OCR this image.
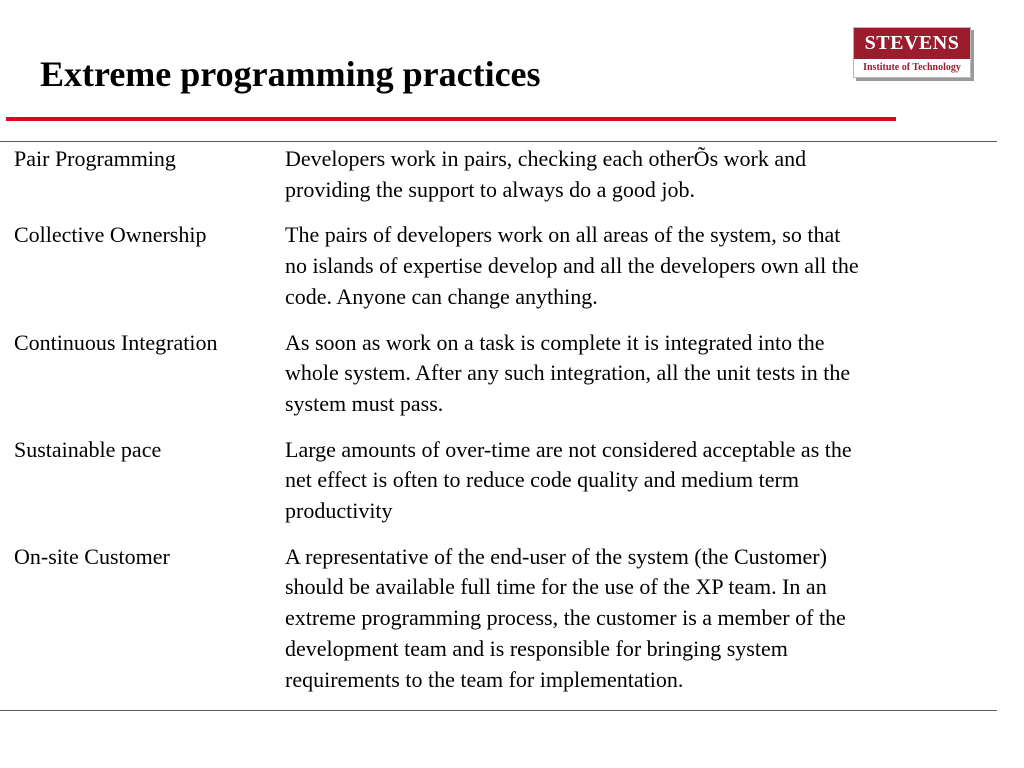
Extreme programming practices
STEVENS
Institute of Technology
Pair Programming	Developers work in pairs, checking each otherÕs work and
providing the support to always do a good job.
Collective Ownership	The pairs of developers work on all areas of the system, so that
no islands of expertise develop and all the developers own all the
code. Anyone can change anything.
Continuous Integration	As soon as work on a task is complete it is integrated into the
whole system. After any such integration, all the unit tests in the
system must pass.
Sustainable pace	Large amounts of over-time are not considered acceptable as the
net effect is often to reduce code quality and medium term
productivity
On-site Customer	A representative of the end-user of the system (the Customer)
should be available full time for the use of the XP team. In an
extreme programming process, the customer is a member of the
development team and is responsible for bringing system
requirements to the team for implementation.
